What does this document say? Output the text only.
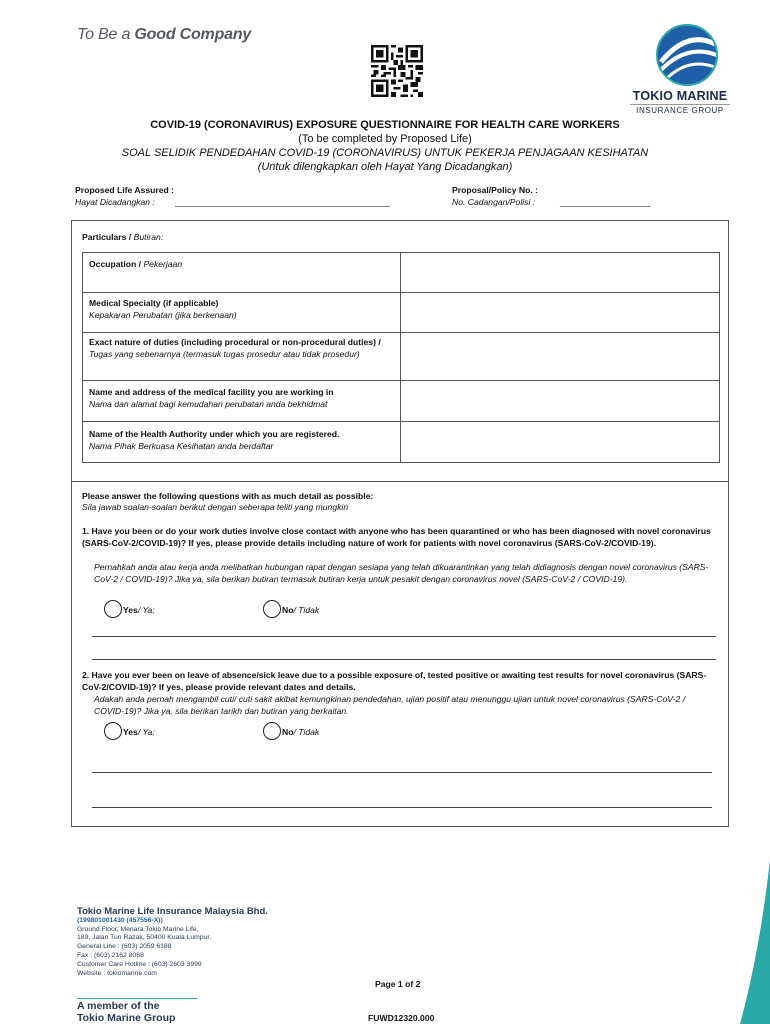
To Be a Good Company
TOKIO MARINE
INSURANCE GROUP
COVID-19 (CORONAVIRUS) EXPOSURE QUESTIONNAIRE FOR HEALTH CARE WORKERS
(To be completed by Proposed Life)
SOAL SELIDIK PENDEDAHAN COVID-19 (CORONAVIRUS) UNTUK PEKERJA PENJAGAAN KESIHATAN
(Untuk dilengkapkan oleh Hayat Yang Dicadangkan)
Proposed Life Assured :
Hayat Dicadangkan : _____________________________________________
Proposal/Policy No. :
No. Cadangan/Polisi :	___________________
Particulars / Butiran:
Occupation / Pekerjaan
Medical Specialty (if applicable)
Kepakaran Perubatan (jika berkenaan)
Exact nature of duties (including procedural or non-procedural duties) / Tugas yang sebenarnya (termasuk tugas prosedur atau tidak prosedur)
Name and address of the medical facility you are working in
Nama dan alamat bagi kemudahan perubatan anda bekhidmat
Name of the Health Authority under which you are registered.
Nama Pihak Berkuasa Kesihatan anda berdaftar
Please answer the following questions with as much detail as possible:
Sila jawab soalan-soalan berikut dengan seberapa teliti yang mungkin
1. Have you been or do your work duties involve close contact with anyone who has been quarantined or who has been diagnosed with novel coronavirus (SARS-CoV-2/COVID-19)? If yes, please provide details including nature of work for patients with novel coronavirus (SARS-CoV-2/COVID-19).
Pernahkah anda atau kerja anda melibatkan hubungan rapat dengan sesiapa yang telah dikuarantinkan yang telah didiagnosis dengan novel coronavirus (SARS-CoV-2 / COVID-19)? Jika ya, sila berikan butiran termasuk butiran kerja untuk pesakit dengan coronavirus novel (SARS-CoV-2 / COVID-19).
Yes/ Ya;	No/ Tidak
2. Have you ever been on leave of absence/sick leave due to a possible exposure of, tested positive or awaiting test results for novel coronavirus (SARS-CoV-2/COVID-19)? If yes, please provide relevant dates and details.
Adakah anda pernah mengambil cuti/ cuti sakit akibat kemungkinan pendedahan, ujian positif atau menunggu ujian untuk novel coronavirus (SARS-CoV-2 / COVID-19)? Jika ya, sila berikan tarikh dan butiran yang berkaitan.
Yes/ Ya;	No/ Tidak
Tokio Marine Life Insurance Malaysia Bhd.
(199801001430 (457556-X))
Ground Floor, Menara Tokio Marine Life,
189, Jalan Tun Razak, 50400 Kuala Lumpur.
General Line : (603) 2059 6188
Fax : (603) 2162 8068
Customer Care Hotline : (603) 2603 3999
Website : tokiomarine.com
A member of the
Tokio Marine Group
Page 1 of 2
FUWD12320.000
